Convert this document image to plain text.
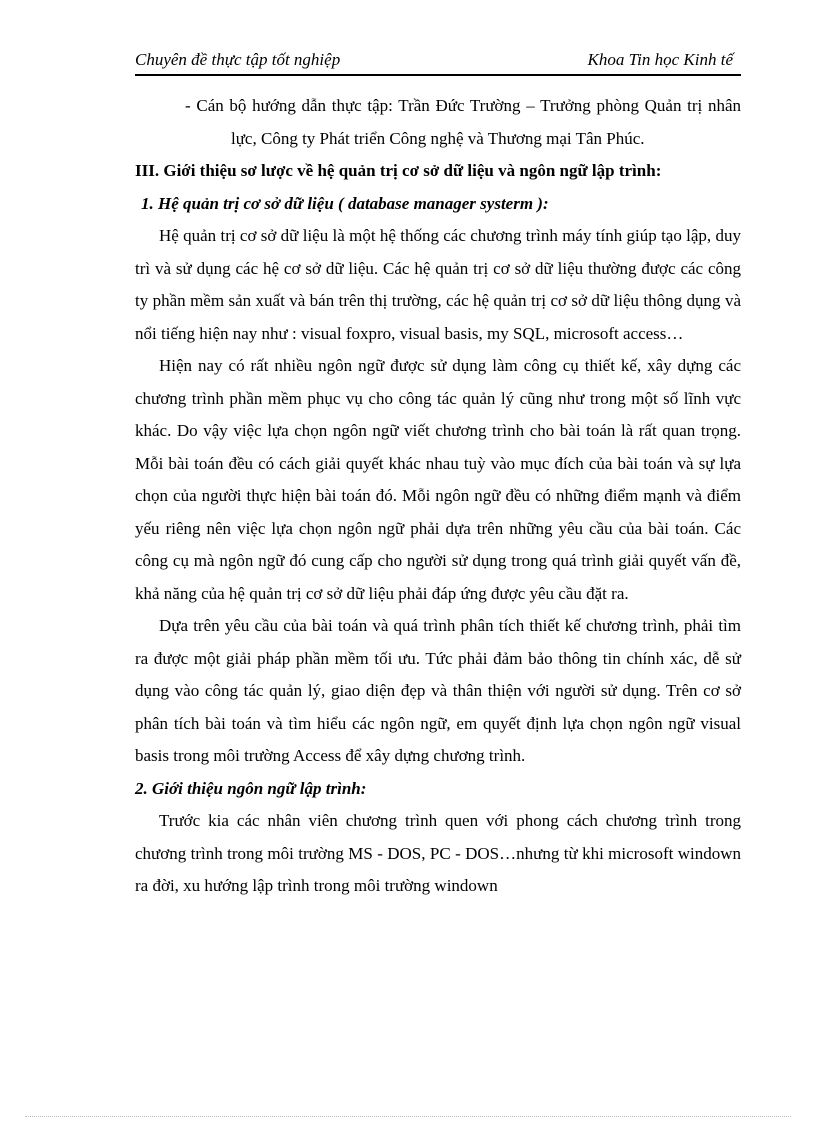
Chuyên đề thực tập tốt nghiệp	Khoa Tin học Kinh tế

- Cán bộ hướng dẫn thực tập: Trần Đức Trường – Trưởng phòng Quản trị nhân lực, Công ty Phát triển Công nghệ và Thương mại Tân Phúc.

III. Giới thiệu sơ lược về hệ quản trị cơ sở dữ liệu và ngôn ngữ lập trình:

1. Hệ quản trị cơ sở dữ liệu ( database manager systerm ):

Hệ quản trị cơ sở dữ liệu là một hệ thống các chương trình máy tính giúp tạo lập, duy trì và sử dụng các hệ cơ sở dữ liệu. Các hệ quản trị cơ sở dữ liệu thường được các công ty phần mềm sản xuất và bán trên thị trường, các hệ quản trị cơ sở dữ liệu thông dụng và nổi tiếng hiện nay như : visual foxpro, visual basis, my SQL, microsoft access…

Hiện nay có rất nhiều ngôn ngữ được sử dụng làm công cụ thiết kế, xây dựng các chương trình phần mềm phục vụ cho công tác quản lý cũng như trong một số lĩnh vực khác. Do vậy việc lựa chọn ngôn ngữ viết chương trình cho bài toán là rất quan trọng. Mỗi bài toán đều có cách giải quyết khác nhau tuỳ vào mục đích của bài toán và sự lựa chọn của người thực hiện bài toán đó. Mỗi ngôn ngữ đều có những điểm mạnh và điểm yếu riêng nên việc lựa chọn ngôn ngữ phải dựa trên những yêu cầu của bài toán. Các công cụ mà ngôn ngữ đó cung cấp cho người sử dụng trong quá trình giải quyết vấn đề, khả năng của hệ quản trị cơ sở dữ liệu phải đáp ứng được yêu cầu đặt ra.

Dựa trên yêu cầu của bài toán và quá trình phân tích thiết kế chương trình, phải tìm ra được một giải pháp phần mềm tối ưu. Tức phải đảm bảo thông tin chính xác, dễ sử dụng vào công tác quản lý, giao diện đẹp và thân thiện với người sử dụng. Trên cơ sở phân tích bài toán và tìm hiểu các ngôn ngữ, em quyết định lựa chọn ngôn ngữ visual basis trong môi trường Access để xây dựng chương trình.

2. Giới thiệu ngôn ngữ lập trình:

Trước kia các nhân viên chương trình quen với phong cách chương trình trong chương trình trong môi trường MS - DOS, PC - DOS…nhưng từ khi microsoft windown ra đời, xu hướng lập trình trong môi trường windown
